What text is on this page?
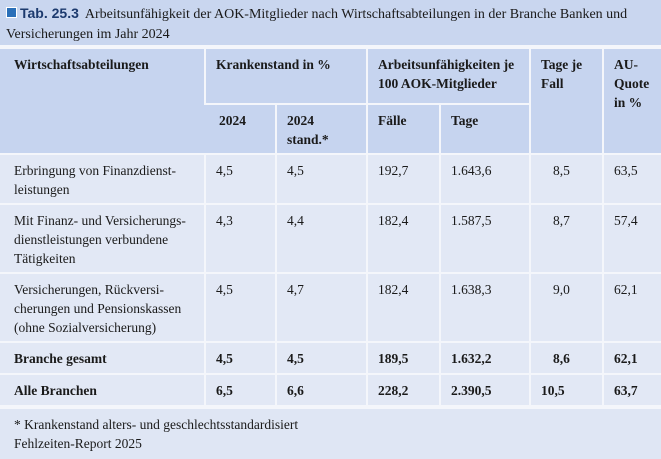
Tab. 25.3 Arbeitsunfähigkeit der AOK-Mitglieder nach Wirtschaftsabteilungen in der Branche Banken und Versicherungen im Jahr 2024
Wirtschaftsabteilungen	Krankenstand in %		Arbeitsunfähigkeiten je 100 AOK-Mitglieder		Tage je Fall	AU-Quote in %
	2024	2024 stand.*	Fälle	Tage		
Erbringung von Finanzdienst-leistungen	4,5	4,5	192,7	1.643,6	8,5	63,5
Mit Finanz- und Versicherungs-dienstleistungen verbundene Tätigkeiten	4,3	4,4	182,4	1.587,5	8,7	57,4
Versicherungen, Rückversi-cherungen und Pensionskassen (ohne Sozialversicherung)	4,5	4,7	182,4	1.638,3	9,0	62,1
Branche gesamt	4,5	4,5	189,5	1.632,2	8,6	62,1
Alle Branchen	6,5	6,6	228,2	2.390,5	10,5	63,7
* Krankenstand alters- und geschlechtsstandardisiert
Fehlzeiten-Report 2025
